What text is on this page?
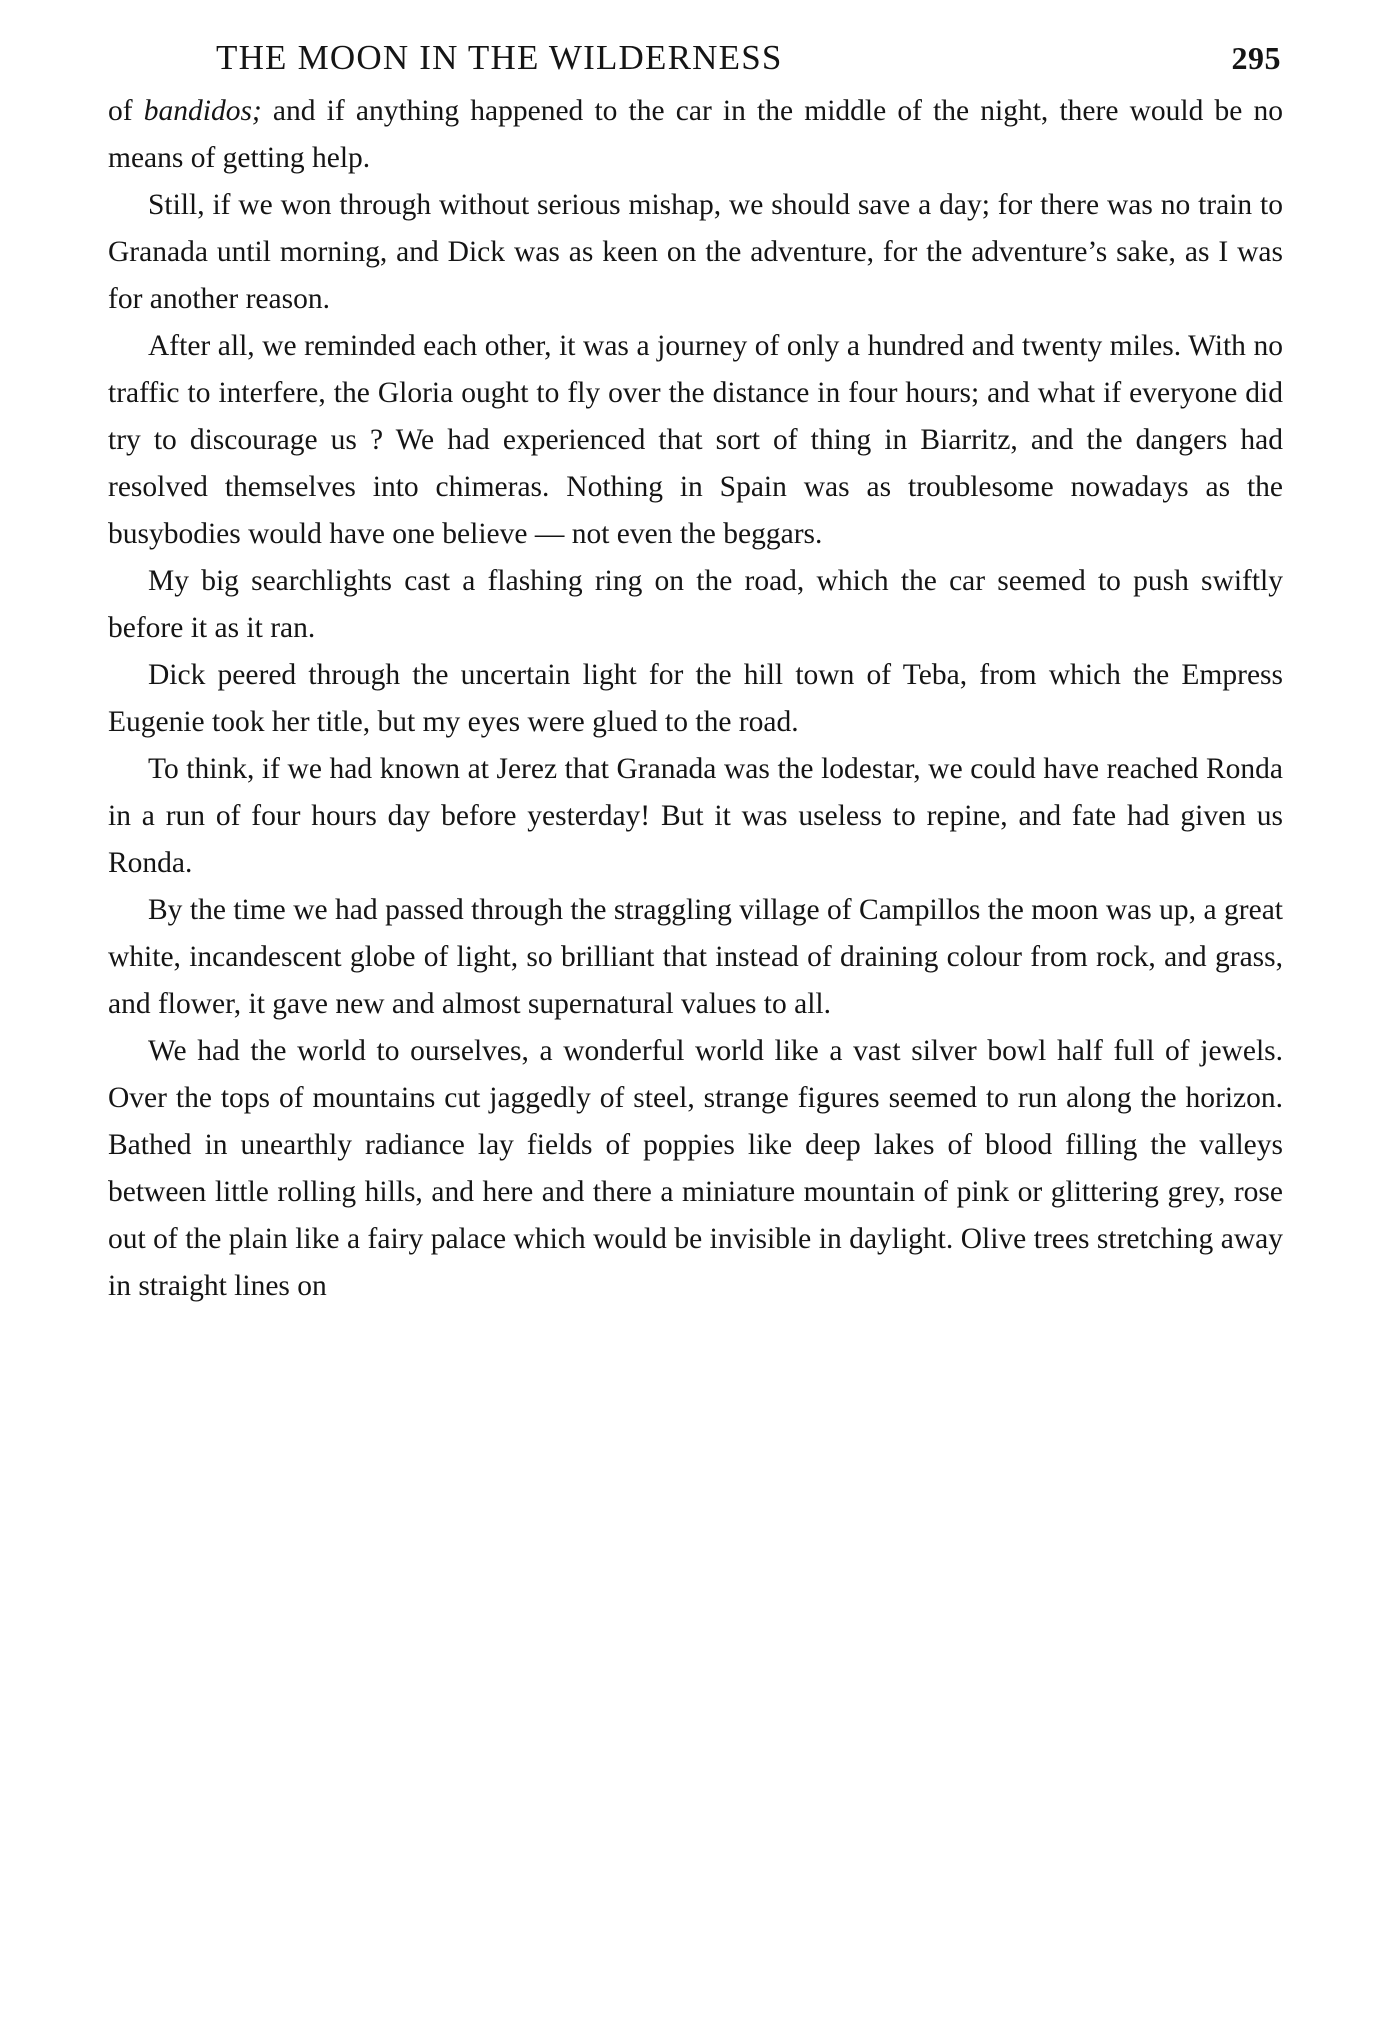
THE MOON IN THE WILDERNESS	295

of bandidos; and if anything happened to the car in the middle of the night, there would be no means of getting help.

Still, if we won through without serious mishap, we should save a day; for there was no train to Granada until morning, and Dick was as keen on the adventure, for the adventure’s sake, as I was for another reason.

After all, we reminded each other, it was a journey of only a hundred and twenty miles. With no traffic to interfere, the Gloria ought to fly over the distance in four hours; and what if everyone did try to discourage us ? We had experienced that sort of thing in Biarritz, and the dangers had resolved themselves into chimeras. Nothing in Spain was as troublesome nowadays as the busybodies would have one believe — not even the beggars.

My big searchlights cast a flashing ring on the road, which the car seemed to push swiftly before it as it ran.

Dick peered through the uncertain light for the hill town of Teba, from which the Empress Eugenie took her title, but my eyes were glued to the road.

To think, if we had known at Jerez that Granada was the lodestar, we could have reached Ronda in a run of four hours day before yesterday! But it was useless to repine, and fate had given us Ronda.

By the time we had passed through the straggling village of Campillos the moon was up, a great white, incandescent globe of light, so brilliant that instead of draining colour from rock, and grass, and flower, it gave new and almost supernatural values to all.

We had the world to ourselves, a wonderful world like a vast silver bowl half full of jewels. Over the tops of mountains cut jaggedly of steel, strange figures seemed to run along the horizon. Bathed in unearthly radiance lay fields of poppies like deep lakes of blood filling the valleys between little rolling hills, and here and there a miniature mountain of pink or glittering grey, rose out of the plain like a fairy palace which would be invisible in daylight. Olive trees stretching away in straight lines on
